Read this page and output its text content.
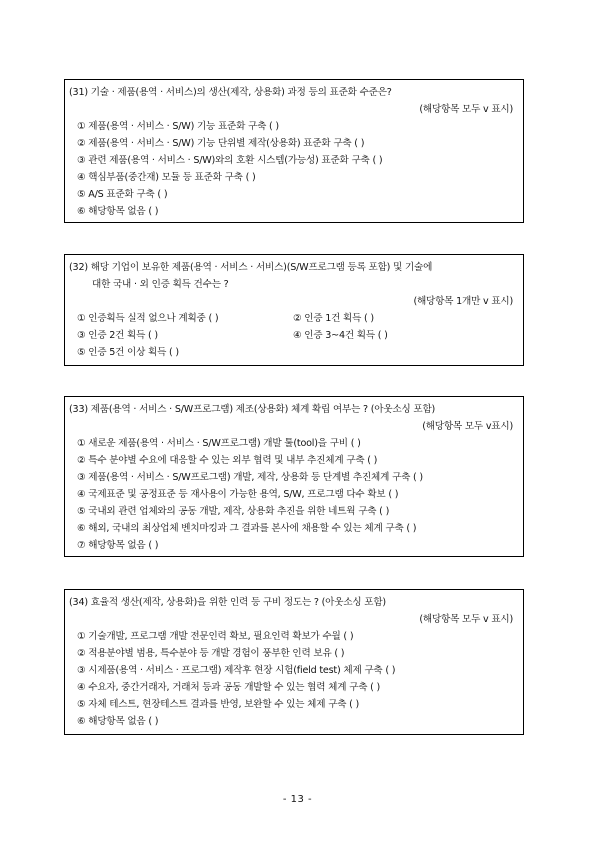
(31) 기술 · 제품(용역 · 서비스)의 생산(제작, 상용화) 과정 등의 표준화 수준은?
(해당항목 모두 v 표시)
① 제품(용역 · 서비스 · S/W) 기능 표준화 구축 ( )
② 제품(용역 · 서비스 · S/W) 기능 단위별 제작(상용화) 표준화 구축 ( )
③ 관련 제품(용역 · 서비스 · S/W)와의 호환 시스템(가능성) 표준화 구축 ( )
④ 핵심부품(중간재) 모듈 등 표준화 구축 ( )
⑤ A/S 표준화 구축 ( )
⑥ 해당항목 없음 ( )
(32) 해당 기업이 보유한 제품(용역 · 서비스 · 서비스)(S/W프로그램 등록 포함) 및 기술에
대한 국내 · 외 인증 획득 건수는 ?
(해당항목 1개만 v 표시)
① 인증획득 실적 없으나 계획중 ( )	② 인증 1건 획득 ( )
③ 인증 2건 획득 ( )	④ 인증 3~4건 획득 ( )
⑤ 인증 5건 이상 획득 ( )
(33) 제품(용역 · 서비스 · S/W프로그램) 제조(상용화) 체계 확립 여부는 ? (아웃소싱 포함)
(해당항목 모두 v표시)
① 새로운 제품(용역 · 서비스 · S/W프로그램) 개발 툴(tool)을 구비 ( )
② 특수 분야별 수요에 대응할 수 있는 외부 협력 및 내부 추진체계 구축 ( )
③ 제품(용역 · 서비스 · S/W프로그램) 개발, 제작, 상용화 등 단계별 추진체계 구축 ( )
④ 국제표준 및 공정표준 등 재사용이 가능한 용역, S/W, 프로그램 다수 확보 ( )
⑤ 국내외 관련 업체와의 공동 개발, 제작, 상용화 추진을 위한 네트웍 구축 ( )
⑥ 해외, 국내의 최상업체 벤치마킹과 그 결과를 본사에 채용할 수 있는 체계 구축 ( )
⑦ 해당항목 없음 ( )
(34) 효율적 생산(제작, 상용화)을 위한 인력 등 구비 정도는 ? (아웃소싱 포함)
(해당항목 모두 v 표시)
① 기술개발, 프로그램 개발 전문인력 확보, 필요인력 확보가 수월 ( )
② 적용분야별 범용, 특수분야 등 개발 경험이 풍부한 인력 보유 ( )
③ 시제품(용역 · 서비스 · 프로그램) 제작후 현장 시험(field test) 체제 구축 ( )
④ 수요자, 중간거래자, 거래처 등과 공동 개발할 수 있는 협력 체계 구축 ( )
⑤ 자체 테스트, 현장테스트 결과를 반영, 보완할 수 있는 체제 구축 ( )
⑥ 해당항목 없음 ( )
- 13 -
